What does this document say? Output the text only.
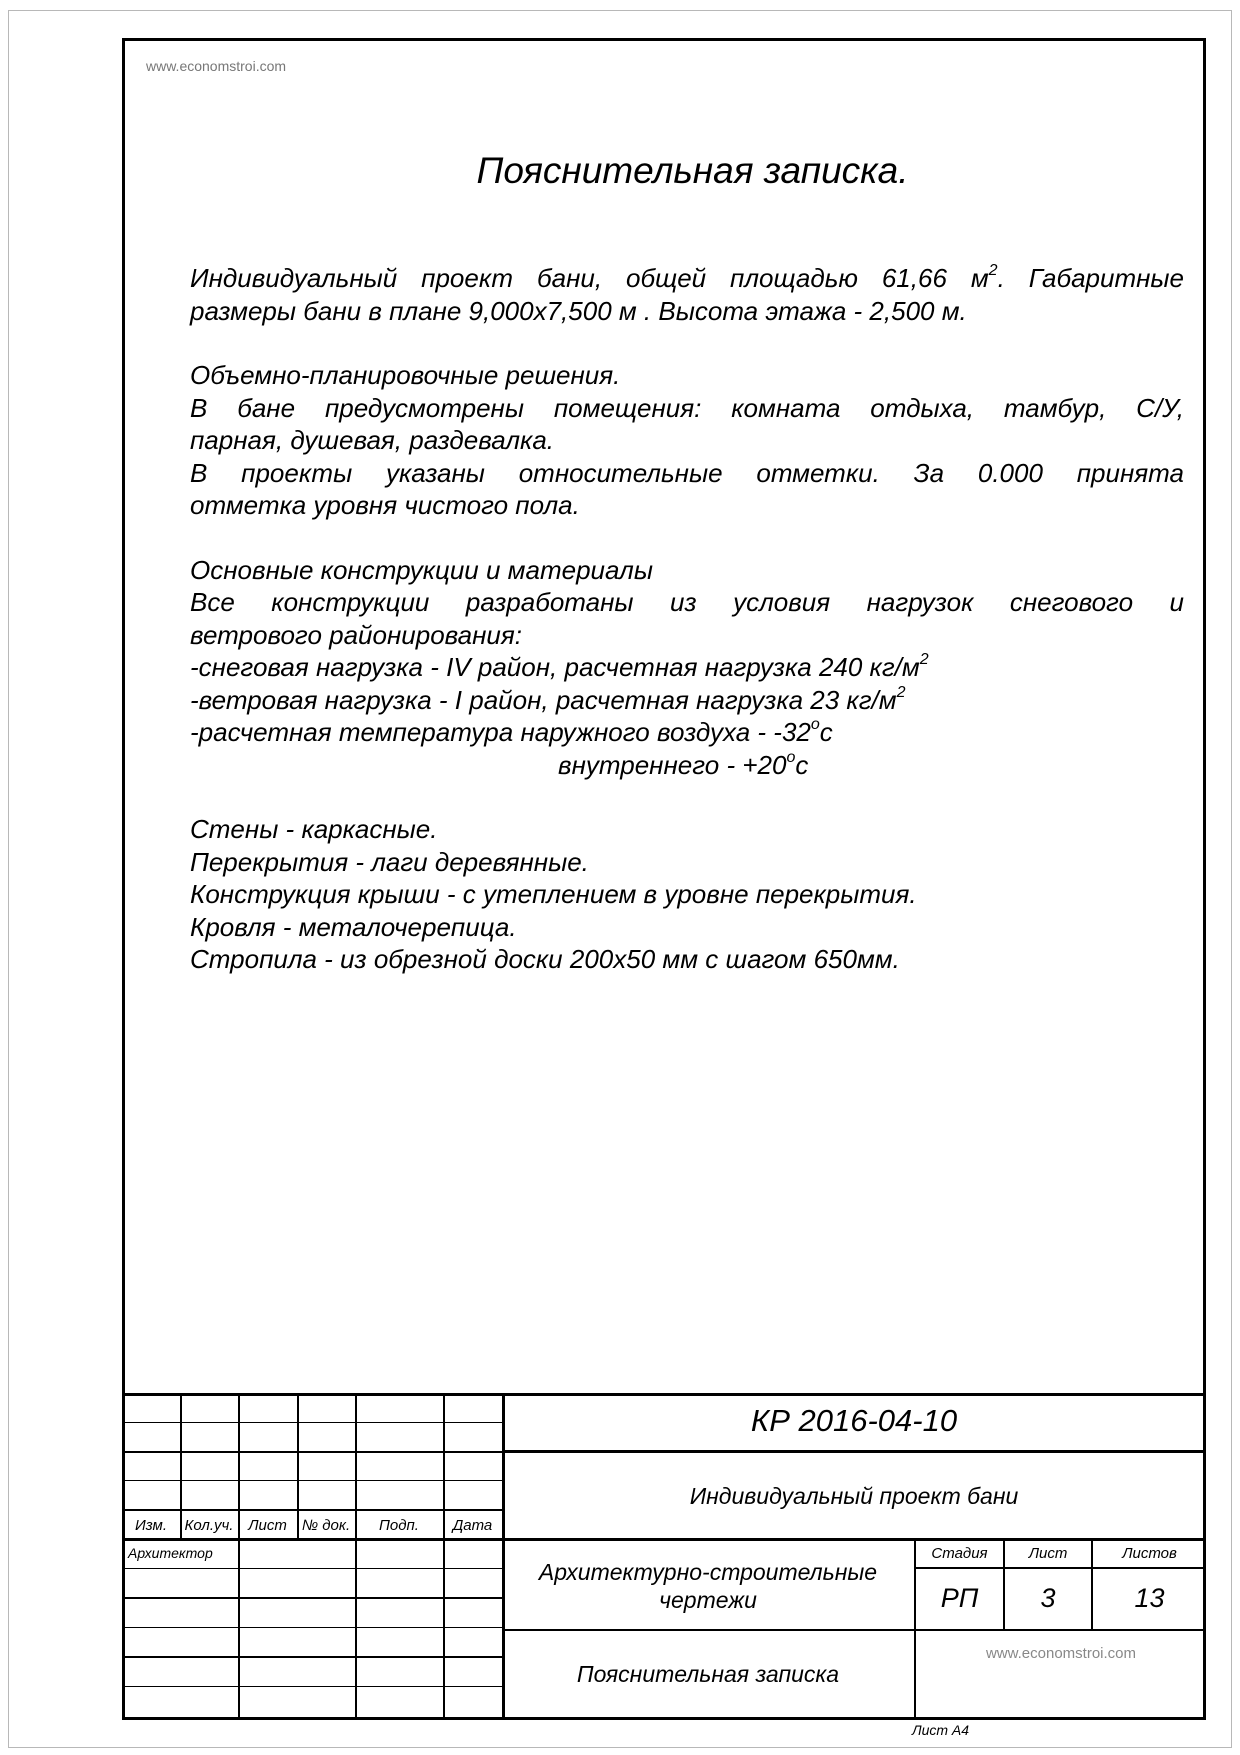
www.economstroi.com
Пояснительная записка.

Индивидуальный проект бани, общей площадью 61,66 $м^2$. Габаритные

размеры бани в плане 9,000х7,500 м . Высота этажа - 2,500 м.

Объемно-планировочные решения.

В бане предусмотрены помещения: комната отдыха, тамбур, С/У,

парная, душевая, раздевалка.

В проекты указаны относительные отметки. За 0.000 принята

отметка уровня чистого пола.

Основные конструкции и материалы

Все конструкции разработаны из условия нагрузок снегового и

ветрового районирования:

-снеговая нагрузка - IV район, расчетная нагрузка 240 $кг/м^2$

-ветровая нагрузка - I район, расчетная нагрузка 23 $кг/м^2$

-расчетная температура наружного воздуха - $-32^ос$

внутреннего - $+20^ос$

Стены - каркасные.

Перекрытия - лаги деревянные.

Конструкция крыши - с утеплением в уровне перекрытия.

Кровля - металочерепица.

Стропила - из обрезной доски 200х50 мм с шагом 650мм.

КР 2016-04-10
Индивидуальный проект бани
Изм.	Кол.уч. Лист	№ док.	Подп.	Дата
Архитектор
Архитектурно-строительные
чертежи
Стадия	Лист	Листов
РП	3	13
Пояснительная записка
www.economstroi.com
Лист А4
